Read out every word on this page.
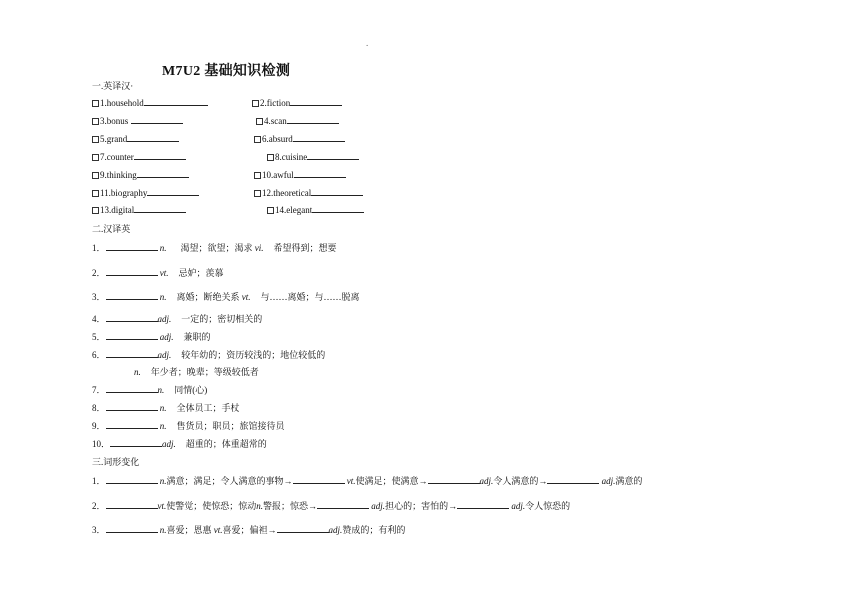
.
M7U2 基础知识检测
一.英译汉·
1.household	2.fiction
3.bonus	4.scan
5.grand	6.absurd
7.counter	8.cuisine
9.thinking	10.awful
11.biography	12.theoretical
13.digital	14.elegant
二.汉译英
1．	n. 渴望；欲望；渴求 vi. 希望得到；想要
2．	vt. 忌妒；羡慕
3．	n. 离婚；断绝关系 vt. 与……离婚；与……脱离
4．	adj. 一定的；密切相关的
5．	adj. 兼职的
6．	adj. 较年幼的；资历较浅的；地位较低的
n. 年少者；晚辈；等级较低者
7．	n. 同情(心)
8．	n. 全体员工；手杖
9．	n. 售货员；职员；旅馆接待员
10．	adj. 超重的；体重超常的
三.词形变化
1．	n.满意；满足；令人满意的事物→	vt.使满足；使满意→	adj.令人满意的→	adj.满意的
2．	vt.使警觉；使惊恐；惊动n.警报；惊恐→	adj.担心的；害怕的→	adj.令人惊恐的
3．	n.喜爱；恩惠 vt.喜爱；偏袒→	adj.赞成的；有利的
